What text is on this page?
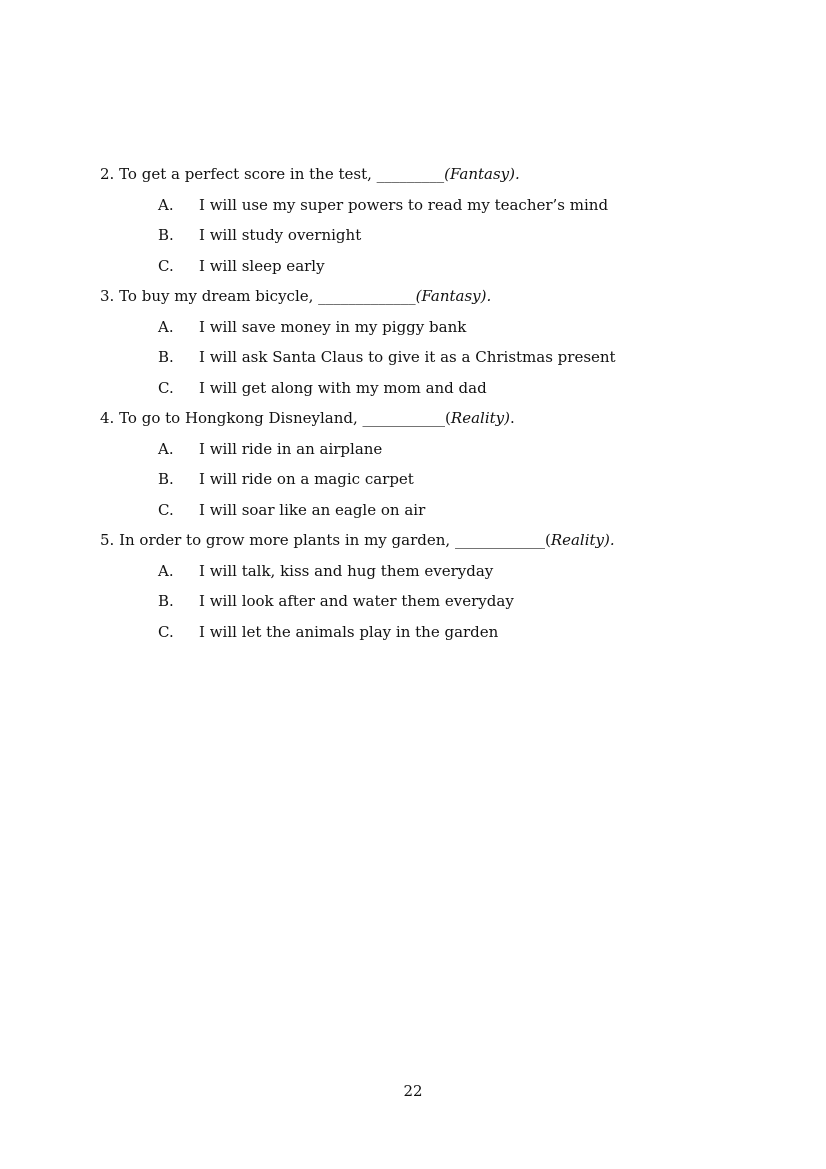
2. To get a perfect score in the test, _________(Fantasy).
A.	I will use my super powers to read my teacher’s mind
B.	I will study overnight
C.	I will sleep early
3. To buy my dream bicycle, _____________(Fantasy).
A.	I will save money in my piggy bank
B.	I will ask Santa Claus to give it as a Christmas present
C.	I will get along with my mom and dad
4. To go to Hongkong Disneyland, ___________(Reality).
A.	I will ride in an airplane
B.	I will ride on a magic carpet
C.	I will soar like an eagle on air
5. In order to grow more plants in my garden, ____________(Reality).
A.	I will talk, kiss and hug them everyday
B.	I will look after and water them everyday
C.	I will let the animals play in the garden
22
